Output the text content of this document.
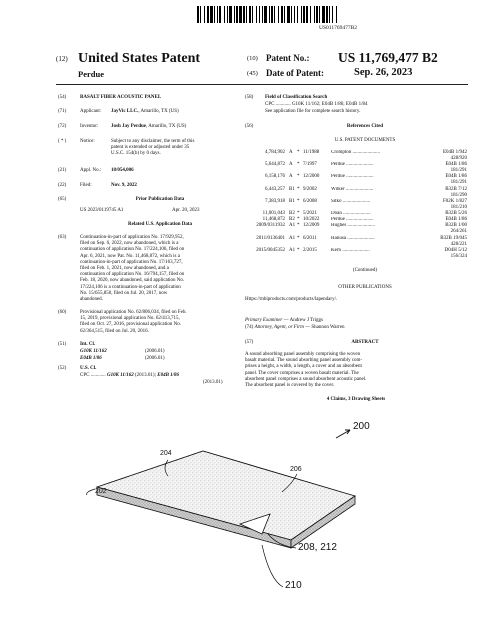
US011769477B2
(12) United States Patent
Perdue
(10) Patent No.: US 11,769,477 B2
(45) Date of Patent:	Sep. 26, 2023
(54)	BASALT FIBER ACOUSTIC PANEL
(71)	Applicant: JayVic LLC., Amarillo, TX (US)
(72)	Inventor:	Josh Jay Perdue, Amarillo, TX (US)
( * )	Notice:	Subject to any disclaimer, the term of this
patent is extended or adjusted under 35
U.S.C. 154(b) by 0 days.
(21)	Appl. No.: 18/054,006
(22)	Filed:	Nov. 9, 2022
(65)	Prior Publication Data
US 2023/0119745 A1	Apr. 20, 2023
Related U.S. Application Data
(63)	Continuation-in-part of application No. 17/929,952,
filed on Sep. 6, 2022, now abandoned, which is a
continuation of application No. 17/224,106, filed on
Apr. 6, 2021, now Pat. No. 11,468,872, which is a
continuation-in-part of application No. 17/163,727,
filed on Feb. 1, 2021, now abandoned, and a
continuation of application No. 16/794,157, filed on
Feb. 18, 2020, now abandoned, said application No.
17/224,106 is a continuation-in-part of application
No. 15/655,850, filed on Jul. 20, 2017, now
abandoned.
(60)	Provisional application No. 62/806,034, filed on Feb.
15, 2019, provisional application No. 62/413,715,
filed on Oct. 27, 2016, provisional application No.
62/364,515, filed on Jul. 20, 2016.
(51)	Int. Cl.
G10K 11/162	(2006.01)
E04B 1/86	(2006.01)
(52)	U.S. Cl.
CPC ............ G10K 11/162 (2013.01); E04B 1/86
(2013.01)
(58) Field of Classification Search
CPC ............ G10K 11/162; E04B 1/86; E04B 1/84
See application file for complete search history.
(56)	References Cited
U.S. PATENT DOCUMENTS
4,784,902 A * 11/1988 Crompton ......................	E04B 1/942
428/920
5,644,872 A * 7/1997	Perdue ......................	E04B 1/86
181/291
6,158,176 A * 12/2000 Perdue ......................	E04B 1/86
181/291
6,443,257 B1 * 9/2002	Wilker ......................	B32B 7/12
181/290
7,383,918 B1 * 6/2008	Sitko ......................	F02K 1/827
181/210
11,001,043 B2 * 5/2021	Doan ......................	B32B 5/26
11,468,872 B2 * 10/2022 Perdue ......................	E04B 1/86
2009/0311932 A1 * 12/2009 Hughes ......................	B32B 1/00
264/261
2011/0136401 A1 * 6/2011	Hanusa ......................	B32B 19/045
428/221
2015/0045352 A1 * 2/2015	Kern ......................	D04H 5/12
156/324
(Continued)
OTHER PUBLICATIONS
Https://mbiproducts.com/products/lapendary/.
Primary Examiner — Andrew J Triggs
(74) Attorney, Agent, or Firm — Shannon Warren
(57)	ABSTRACT
A sound absorbing panel assembly comprising the woven
basalt material. The sound absorbing panel assembly com-
prises a height, a width, a length, a cover and an absorbent
panel. The cover comprises a woven basalt material. The
absorbent panel comprises a sound absorbent acoustic panel.
The absorbent panel is covered by the cover.
4 Claims, 3 Drawing Sheets
200
204
206
202
208, 212
210
